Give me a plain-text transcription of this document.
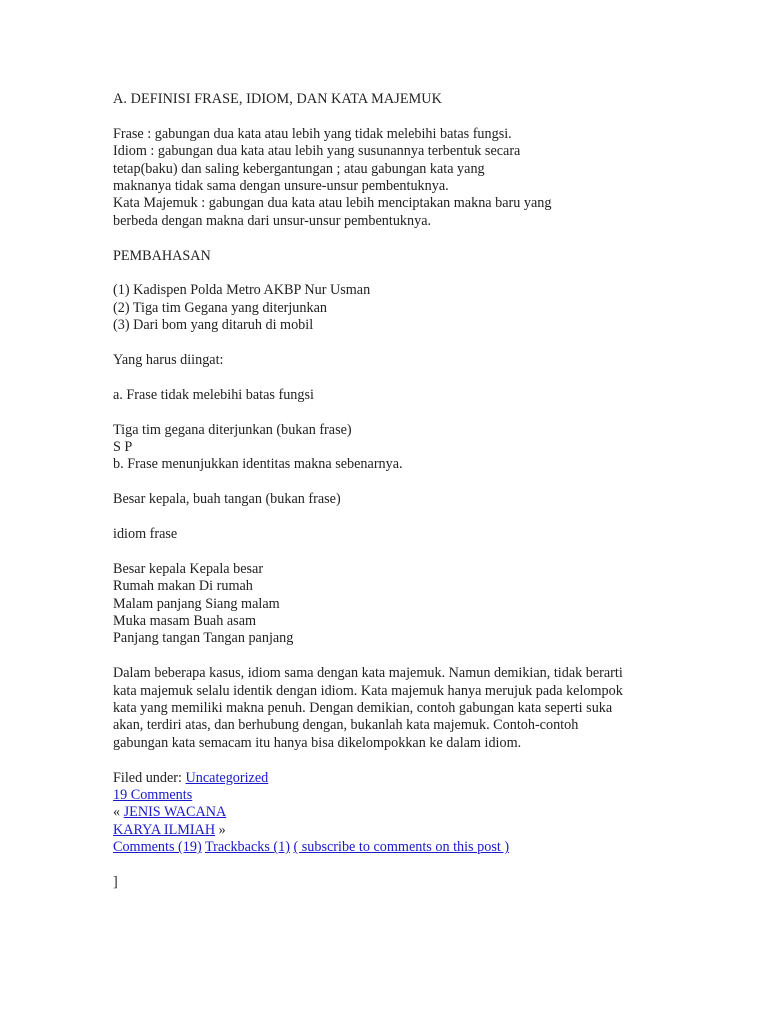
A. DEFINISI FRASE, IDIOM, DAN KATA MAJEMUK
Frase : gabungan dua kata atau lebih yang tidak melebihi batas fungsi.
Idiom : gabungan dua kata atau lebih yang susunannya terbentuk secara
tetap(baku) dan saling kebergantungan ; atau gabungan kata yang
maknanya tidak sama dengan unsure-unsur pembentuknya.
Kata Majemuk : gabungan dua kata atau lebih menciptakan makna baru yang
berbeda dengan makna dari unsur-unsur pembentuknya.
PEMBAHASAN
(1) Kadispen Polda Metro AKBP Nur Usman
(2) Tiga tim Gegana yang diterjunkan
(3) Dari bom yang ditaruh di mobil
Yang harus diingat:
a. Frase tidak melebihi batas fungsi
Tiga tim gegana diterjunkan (bukan frase)
S P
b. Frase menunjukkan identitas makna sebenarnya.
Besar kepala, buah tangan (bukan frase)
idiom frase
Besar kepala Kepala besar
Rumah makan Di rumah
Malam panjang Siang malam
Muka masam Buah asam
Panjang tangan Tangan panjang
Dalam beberapa kasus, idiom sama dengan kata majemuk. Namun demikian, tidak berarti
kata majemuk selalu identik dengan idiom. Kata majemuk hanya merujuk pada kelompok
kata yang memiliki makna penuh. Dengan demikian, contoh gabungan kata seperti suka
akan, terdiri atas, dan berhubung dengan, bukanlah kata majemuk. Contoh-contoh
gabungan kata semacam itu hanya bisa dikelompokkan ke dalam idiom.
Filed under: Uncategorized
19 Comments
« JENIS WACANA
KARYA ILMIAH »
Comments (19) Trackbacks (1) ( subscribe to comments on this post )
]
